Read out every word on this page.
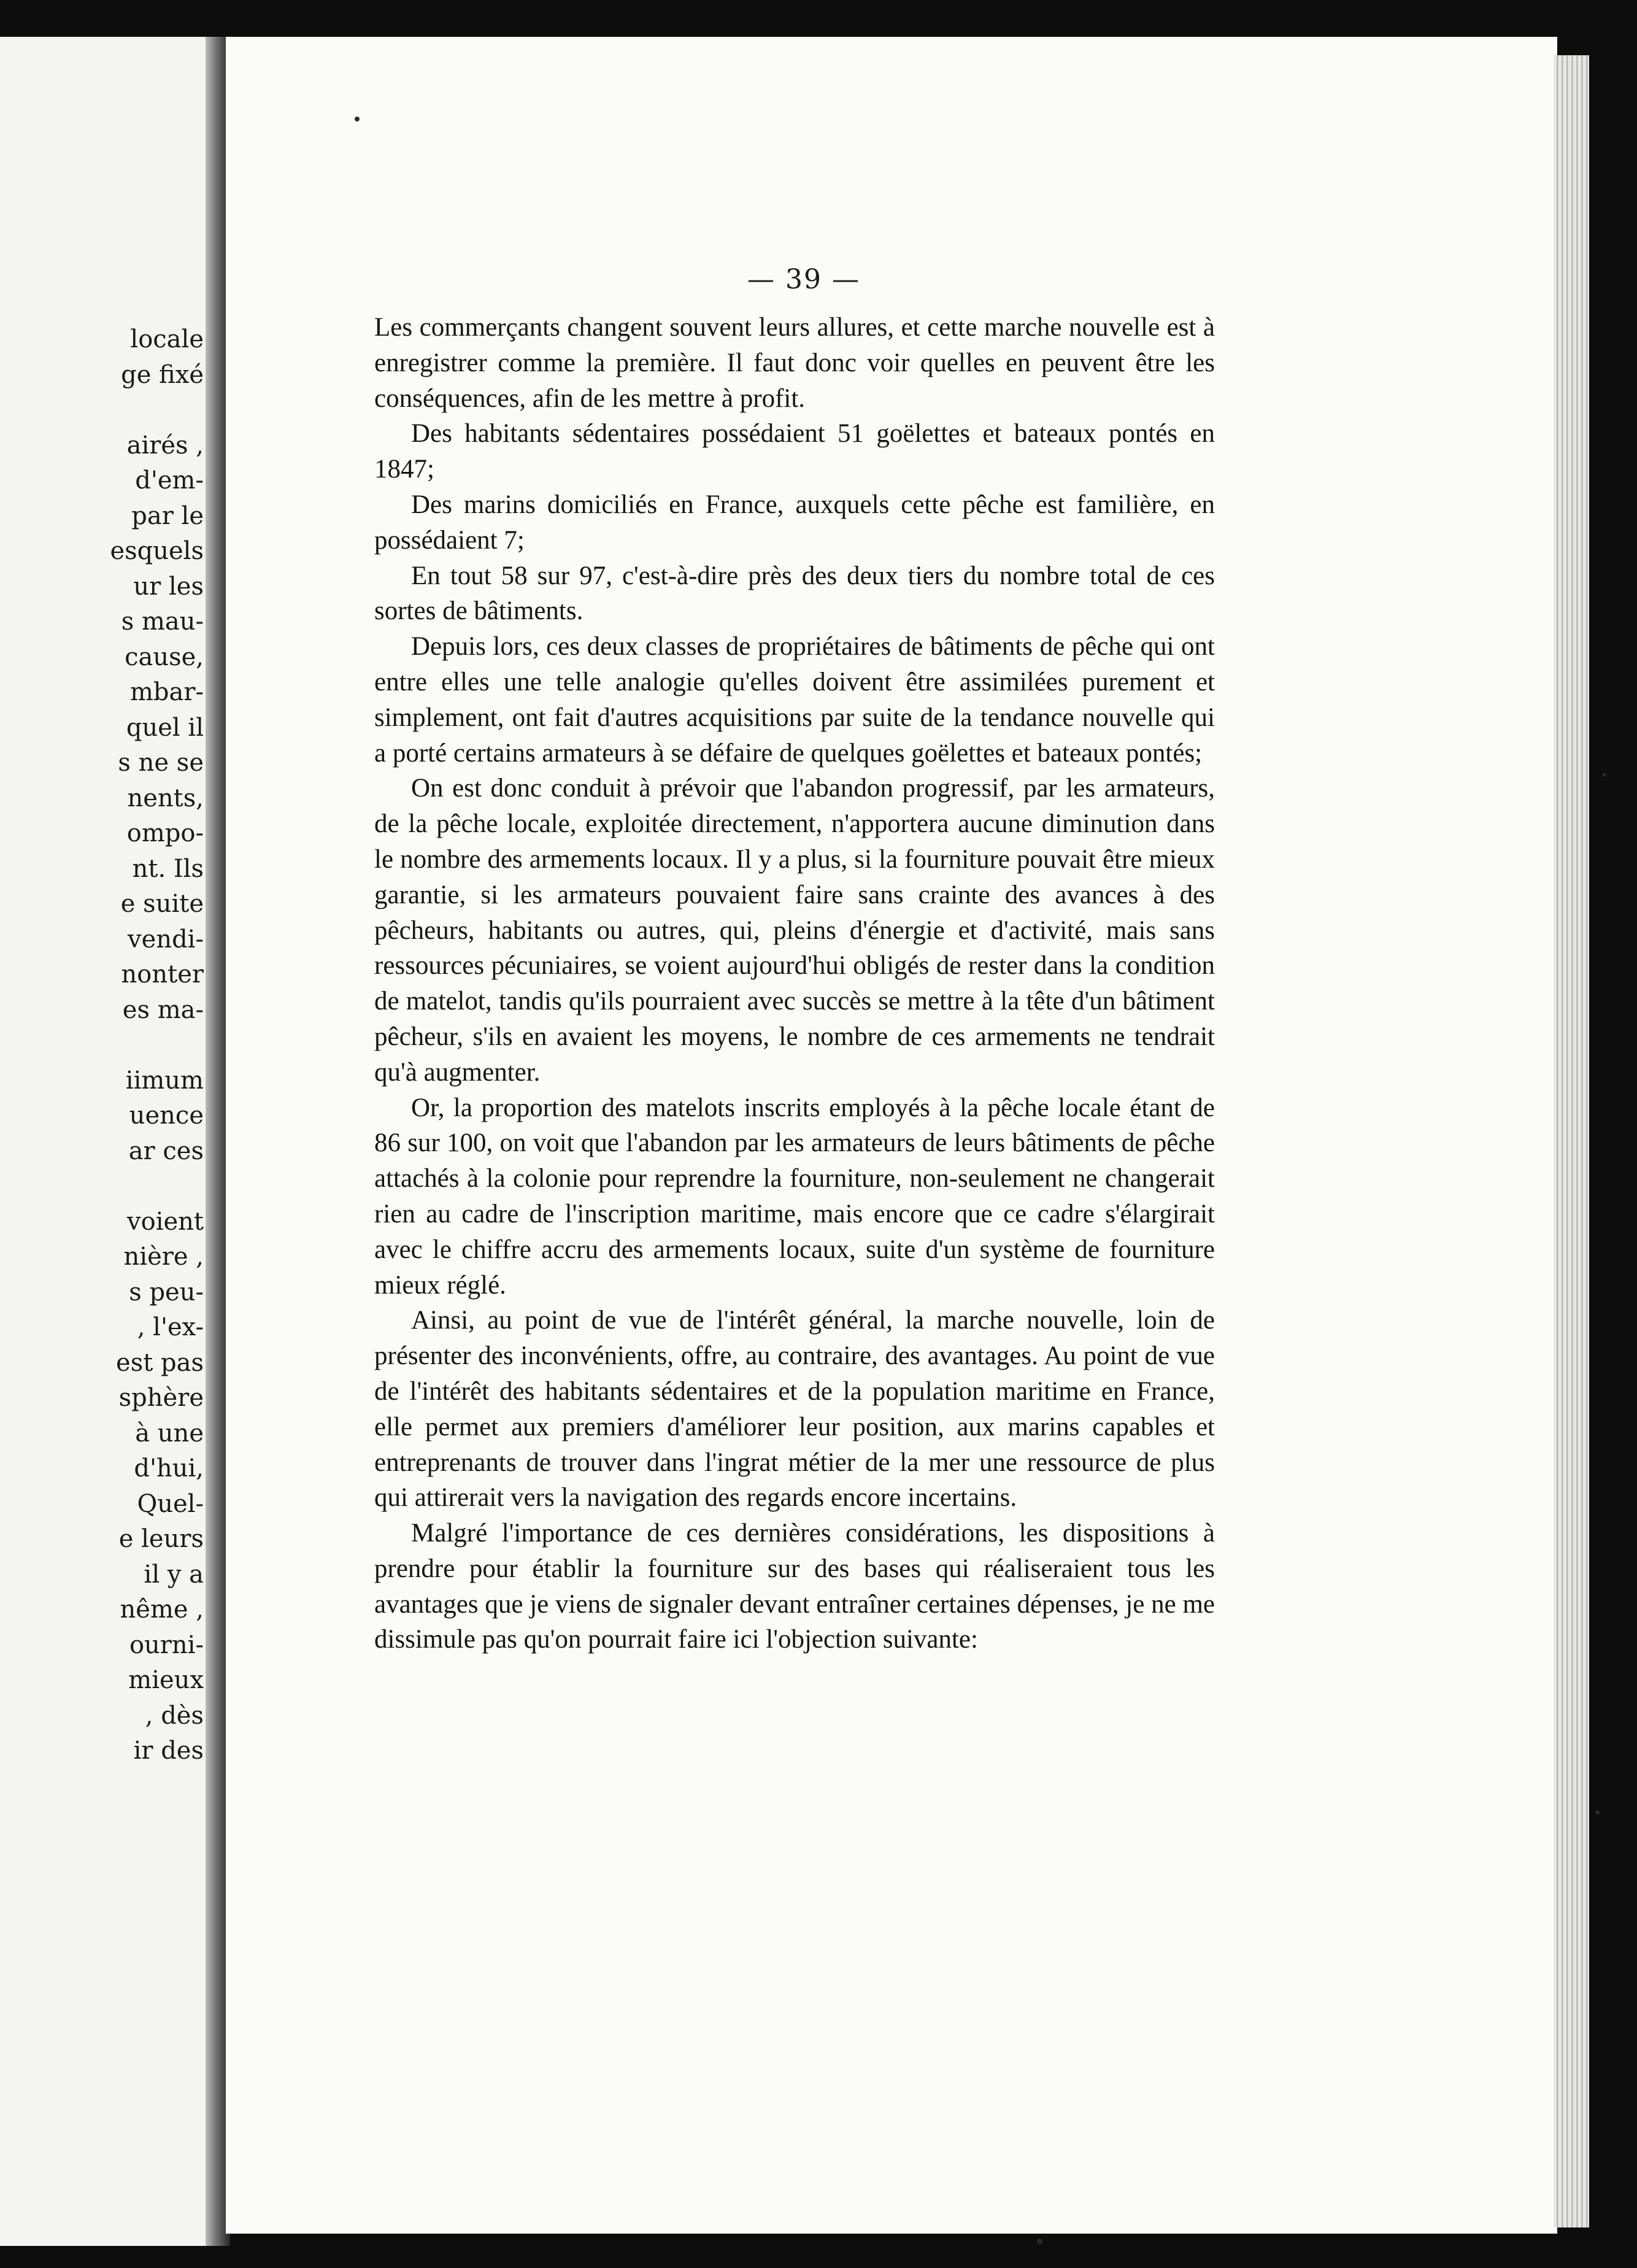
locale
ge fixé
airés ,
d'em-
par le
esquels
ur les
s mau-
cause,
mbar-
quel il
s ne se
nents,
ompo-
nt. Ils
e suite
vendi-
nonter
es ma-
iimum
uence
ar ces
voient
nière ,
s peu-
, l'ex-
est pas
sphère
à une
d'hui,
Quel-
e leurs
il y a
nême ,
ourni-
mieux
, dès
ir des
— 39 —

Les commerçants changent souvent leurs allures, et cette marche nouvelle est à enregistrer comme la première. Il faut donc voir quelles en peuvent être les conséquences, afin de les mettre à profit.

Des habitants sédentaires possédaient 51 goëlettes et bateaux pontés en 1847;

Des marins domiciliés en France, auxquels cette pêche est familière, en possédaient 7;

En tout 58 sur 97, c'est-à-dire près des deux tiers du nombre total de ces sortes de bâtiments.

Depuis lors, ces deux classes de propriétaires de bâtiments de pêche qui ont entre elles une telle analogie qu'elles doivent être assimilées purement et simplement, ont fait d'autres acquisitions par suite de la tendance nouvelle qui a porté certains armateurs à se défaire de quelques goëlettes et bateaux pontés;

On est donc conduit à prévoir que l'abandon progressif, par les armateurs, de la pêche locale, exploitée directement, n'apportera aucune diminution dans le nombre des armements locaux. Il y a plus, si la fourniture pouvait être mieux garantie, si les armateurs pouvaient faire sans crainte des avances à des pêcheurs, habitants ou autres, qui, pleins d'énergie et d'activité, mais sans ressources pécuniaires, se voient aujourd'hui obligés de rester dans la condition de matelot, tandis qu'ils pourraient avec succès se mettre à la tête d'un bâtiment pêcheur, s'ils en avaient les moyens, le nombre de ces armements ne tendrait qu'à augmenter.

Or, la proportion des matelots inscrits employés à la pêche locale étant de 86 sur 100, on voit que l'abandon par les armateurs de leurs bâtiments de pêche attachés à la colonie pour reprendre la fourniture, non-seulement ne changerait rien au cadre de l'inscription maritime, mais encore que ce cadre s'élargirait avec le chiffre accru des armements locaux, suite d'un système de fourniture mieux réglé.

Ainsi, au point de vue de l'intérêt général, la marche nouvelle, loin de présenter des inconvénients, offre, au contraire, des avantages. Au point de vue de l'intérêt des habitants sédentaires et de la population maritime en France, elle permet aux premiers d'améliorer leur position, aux marins capables et entreprenants de trouver dans l'ingrat métier de la mer une ressource de plus qui attirerait vers la navigation des regards encore incertains.

Malgré l'importance de ces dernières considérations, les dispositions à prendre pour établir la fourniture sur des bases qui réaliseraient tous les avantages que je viens de signaler devant entraîner certaines dépenses, je ne me dissimule pas qu'on pourrait faire ici l'objection suivante:
